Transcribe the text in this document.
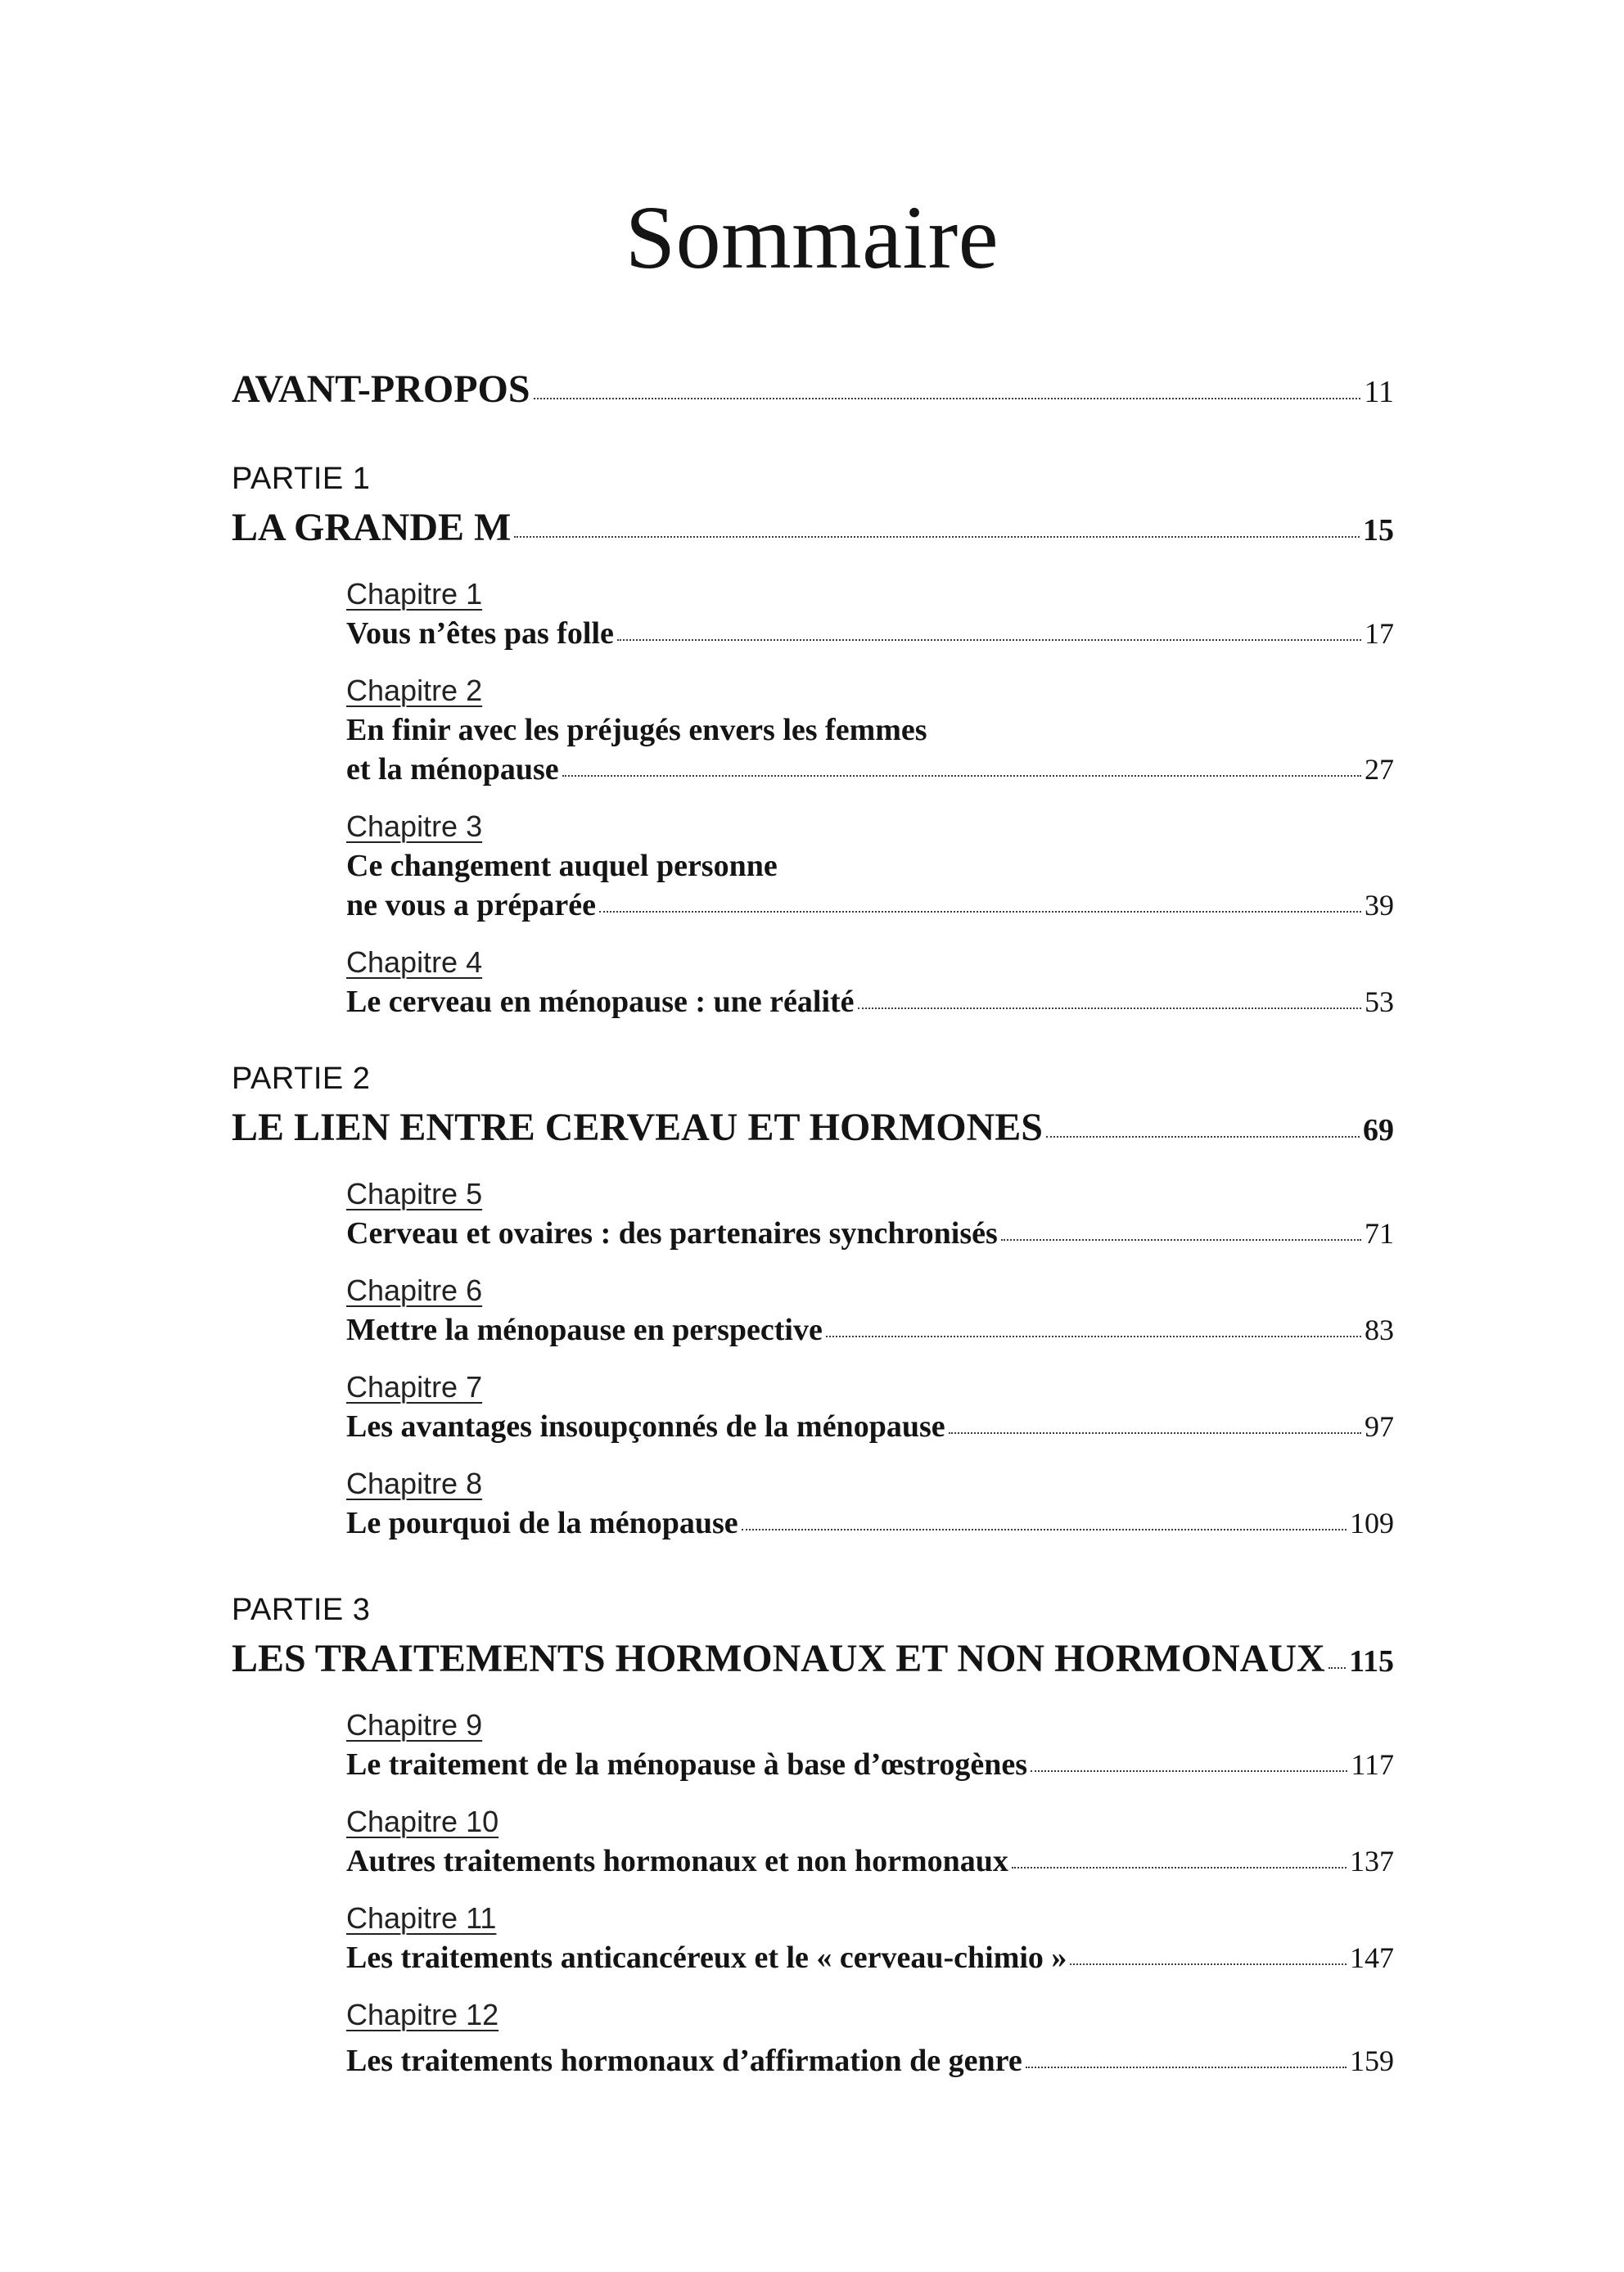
Sommaire
AVANT-PROPOS	11
PARTIE 1
LA GRANDE M	15
Chapitre 1
Vous n’êtes pas folle	17
Chapitre 2
En finir avec les préjugés envers les femmes
et la ménopause	27
Chapitre 3
Ce changement auquel personne
ne vous a préparée	39
Chapitre 4
Le cerveau en ménopause : une réalité	53
PARTIE 2
LE LIEN ENTRE CERVEAU ET HORMONES	69
Chapitre 5
Cerveau et ovaires : des partenaires synchronisés	71
Chapitre 6
Mettre la ménopause en perspective	83
Chapitre 7
Les avantages insoupçonnés de la ménopause	97
Chapitre 8
Le pourquoi de la ménopause	109
PARTIE 3
LES TRAITEMENTS HORMONAUX ET NON HORMONAUX 115
Chapitre 9
Le traitement de la ménopause à base d’œstrogènes	117
Chapitre 10
Autres traitements hormonaux et non hormonaux	137
Chapitre 11
Les traitements anticancéreux et le « cerveau-chimio »	147
Chapitre 12
Les traitements hormonaux d’affirmation de genre	159
